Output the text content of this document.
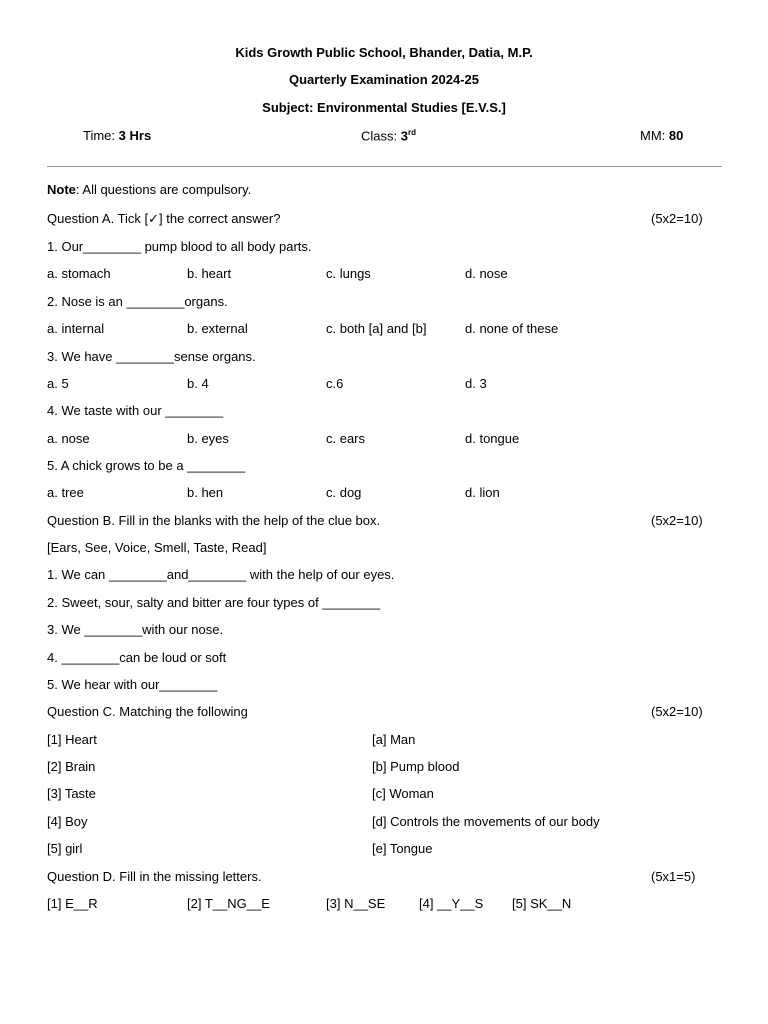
Kids Growth Public School, Bhander, Datia, M.P.
Quarterly Examination 2024-25
Subject: Environmental Studies [E.V.S.]
Time: 3 Hrs	Class: 3rd	MM: 80
Note: All questions are compulsory.
Question A. Tick [✓] the correct answer?	(5x2=10)
1. Our________ pump blood to all body parts.
a. stomach	b. heart	c. lungs	d. nose
2. Nose is an ________organs.
a. internal	b. external	c. both [a] and [b]	d. none of these
3. We have ________sense organs.
a. 5	b. 4	c.6	d. 3
4. We taste with our ________
a. nose	b. eyes	c. ears	d. tongue
5. A chick grows to be a ________
a. tree	b. hen	c. dog	d. lion
Question B. Fill in the blanks with the help of the clue box.	(5x2=10)
[Ears, See, Voice, Smell, Taste, Read]
1. We can ________and________ with the help of our eyes.
2. Sweet, sour, salty and bitter are four types of ________
3. We ________with our nose.
4. ________can be loud or soft
5. We hear with our________
Question C. Matching the following	(5x2=10)
[1] Heart	[a] Man
[2] Brain	[b] Pump blood
[3] Taste	[c] Woman
[4] Boy	[d] Controls the movements of our body
[5] girl	[e] Tongue
Question D. Fill in the missing letters.	(5x1=5)
[1] E__R	[2] T__NG__E	[3] N__SE	[4] __Y__S [5] SK__N
